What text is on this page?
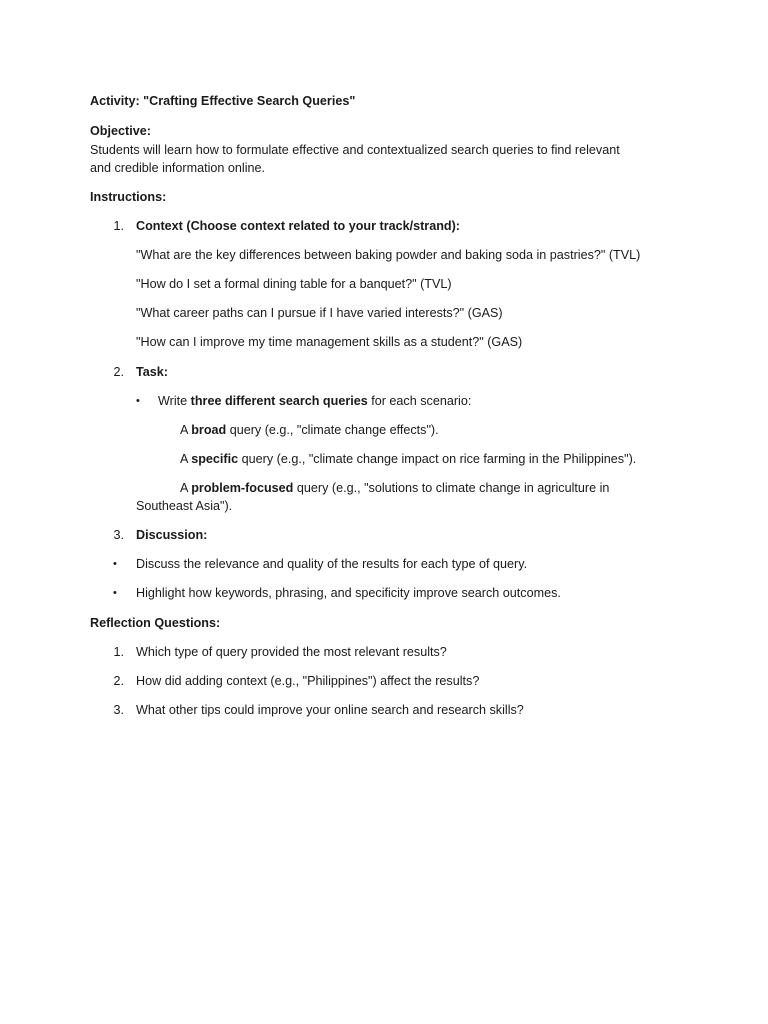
Activity: "Crafting Effective Search Queries"
Objective:
Students will learn how to formulate effective and contextualized search queries to find relevant
and credible information online.
Instructions:
1. Context (Choose context related to your track/strand):
"What are the key differences between baking powder and baking soda in pastries?" (TVL)
"How do I set a formal dining table for a banquet?" (TVL)
"What career paths can I pursue if I have varied interests?" (GAS)
"How can I improve my time management skills as a student?" (GAS)
2. Task:
• Write three different search queries for each scenario:
A broad query (e.g., "climate change effects").
A specific query (e.g., "climate change impact on rice farming in the Philippines").
A problem-focused query (e.g., "solutions to climate change in agriculture in
Southeast Asia").
3. Discussion:
• Discuss the relevance and quality of the results for each type of query.
• Highlight how keywords, phrasing, and specificity improve search outcomes.
Reflection Questions:
1. Which type of query provided the most relevant results?
2. How did adding context (e.g., "Philippines") affect the results?
3. What other tips could improve your online search and research skills?
